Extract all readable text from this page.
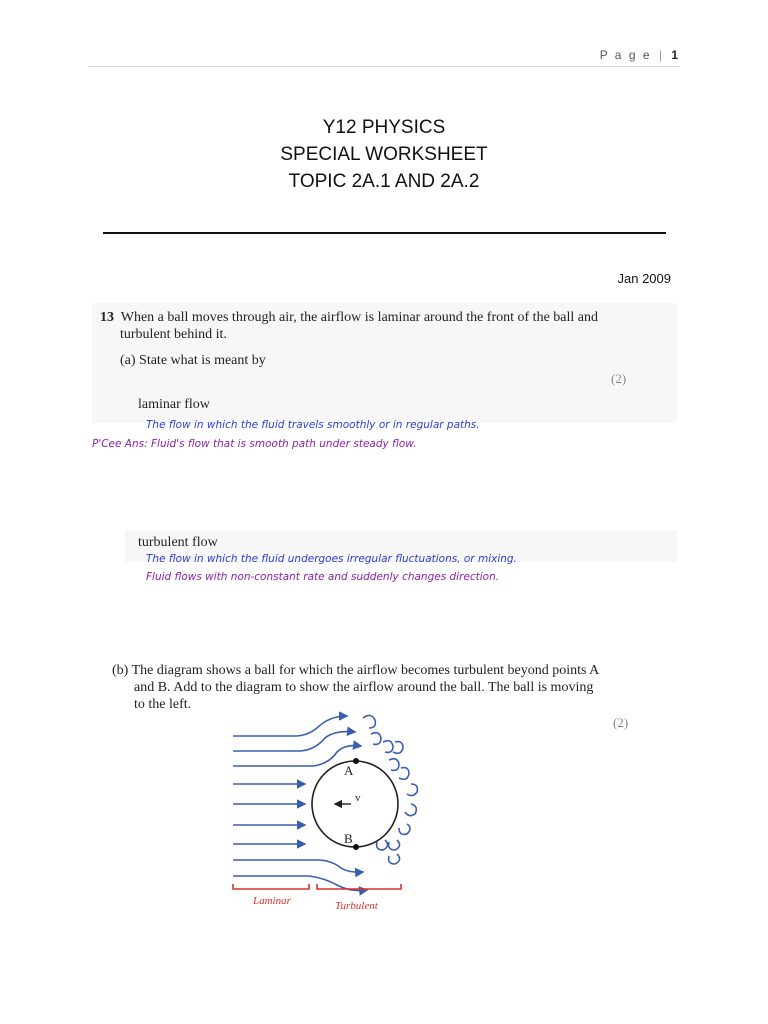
P a g e | 1
Y12 PHYSICS
SPECIAL WORKSHEET
TOPIC 2A.1 AND 2A.2
Jan 2009
13 When a ball moves through air, the airflow is laminar around the front of the ball and
turbulent behind it.
(a) State what is meant by
(2)
laminar flow
The flow in which the fluid travels smoothly or in regular paths.
P'Cee Ans: Fluid's flow that is smooth path under steady flow.
turbulent flow
The flow in which the fluid undergoes irregular fluctuations, or mixing.
Fluid flows with non-constant rate and suddenly changes direction.
(b) The diagram shows a ball for which the airflow becomes turbulent beyond points A
and B. Add to the diagram to show the airflow around the ball. The ball is moving
to the left.
(2)
A
B
v
Laminar	Turbulent
